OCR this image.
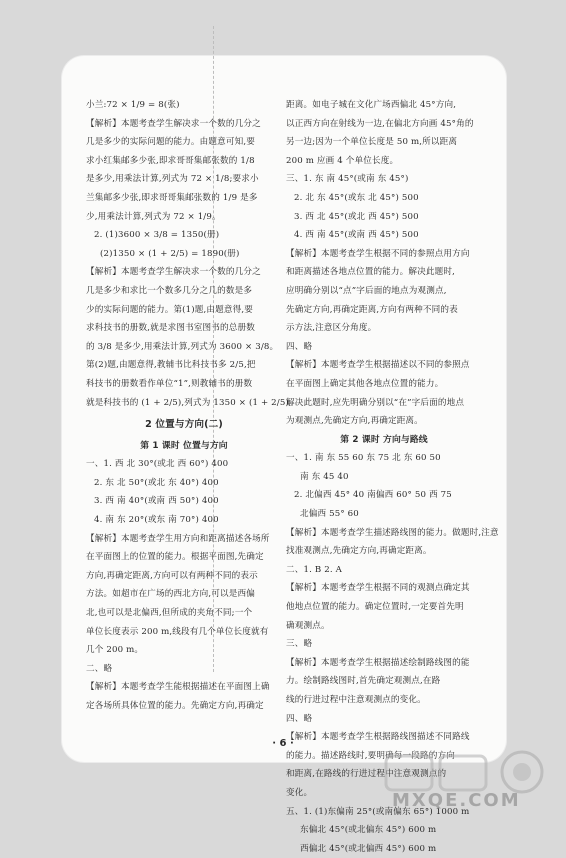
小兰:72 × 1/9 = 8(张)
【解析】本题考查学生解决求一个数的几分之
几是多少的实际问题的能力。由题意可知,要
求小红集邮多少张,即求哥哥集邮张数的 1/8
是多少,用乘法计算,列式为 72 × 1/8;要求小
兰集邮多少张,即求哥哥集邮张数的 1/9 是多
少,用乘法计算,列式为 72 × 1/9。
2. (1)3600 × 3/8 = 1350(册)
(2)1350 × (1 + 2/5) = 1890(册)
【解析】本题考查学生解决求一个数的几分之
几是多少和求比一个数多几分之几的数是多
少的实际问题的能力。第(1)题,由题意得,要
求科技书的册数,就是求图书室图书的总册数
的 3/8 是多少,用乘法计算,列式为 3600 × 3/8。
第(2)题,由题意得,教辅书比科技书多 2/5,把
科技书的册数看作单位“1”,则教辅书的册数
就是科技书的 (1 + 2/5),列式为 1350 × (1 + 2/5)。
2 位置与方向(二)
第 1 课时 位置与方向
一、1. 西 北 30°(或北 西 60°) 400
2. 东 北 50°(或北 东 40°) 400
3. 西 南 40°(或南 西 50°) 400
4. 南 东 20°(或东 南 70°) 400
【解析】本题考查学生用方向和距离描述各场所
在平面图上的位置的能力。根据平面图,先确定
方向,再确定距离,方向可以有两种不同的表示
方法。如超市在广场的西北方向,可以是西偏
北,也可以是北偏西,但所成的夹角不同;一个
单位长度表示 200 m,线段有几个单位长度就有
几个 200 m。
二、略
【解析】本题考查学生能根据描述在平面图上确
定各场所具体位置的能力。先确定方向,再确定
距离。如电子城在文化广场西偏北 45°方向,
以正西方向在射线为一边,在偏北方向画 45°角的
另一边;因为一个单位长度是 50 m,所以距离
200 m 应画 4 个单位长度。
三、1. 东 南 45°(或南 东 45°)
2. 北 东 45°(或东 北 45°) 500
3. 西 北 45°(或北 西 45°) 500
4. 西 南 45°(或南 西 45°) 500
【解析】本题考查学生根据不同的参照点用方向
和距离描述各地点位置的能力。解决此题时,
应明确分别以“点”字后面的地点为观测点,
先确定方向,再确定距离,方向有两种不同的表
示方法,注意区分角度。
四、略
【解析】本题考查学生根据描述以不同的参照点
在平面图上确定其他各地点位置的能力。
解决此题时,应先明确分别以“在”字后面的地点
为观测点,先确定方向,再确定距离。
第 2 课时 方向与路线
一、1. 南 东 55 60 东 75 北 东 60 50
南 东 45 40
2. 北偏西 45° 40 南偏西 60° 50 西 75
北偏西 55° 60
【解析】本题考查学生描述路线图的能力。做题时,注意
找准观测点,先确定方向,再确定距离。
二、1. B 2. A
【解析】本题考查学生根据不同的观测点确定其
他地点位置的能力。确定位置时,一定要首先明
确观测点。
三、略
【解析】本题考查学生根据描述绘制路线图的能
力。绘制路线图时,首先确定观测点,在路
线的行进过程中注意观测点的变化。
四、略
【解析】本题考查学生根据路线图描述不同路线
的能力。描述路线时,要明确每一段路的方向
和距离,在路线的行进过程中注意观测点的
变化。
五、1. (1)东偏南 25°(或南偏东 65°) 1000 m
东偏北 45°(或北偏东 45°) 600 m
西偏北 45°(或北偏西 45°) 600 m
· 6 ·
MXQE.COM
